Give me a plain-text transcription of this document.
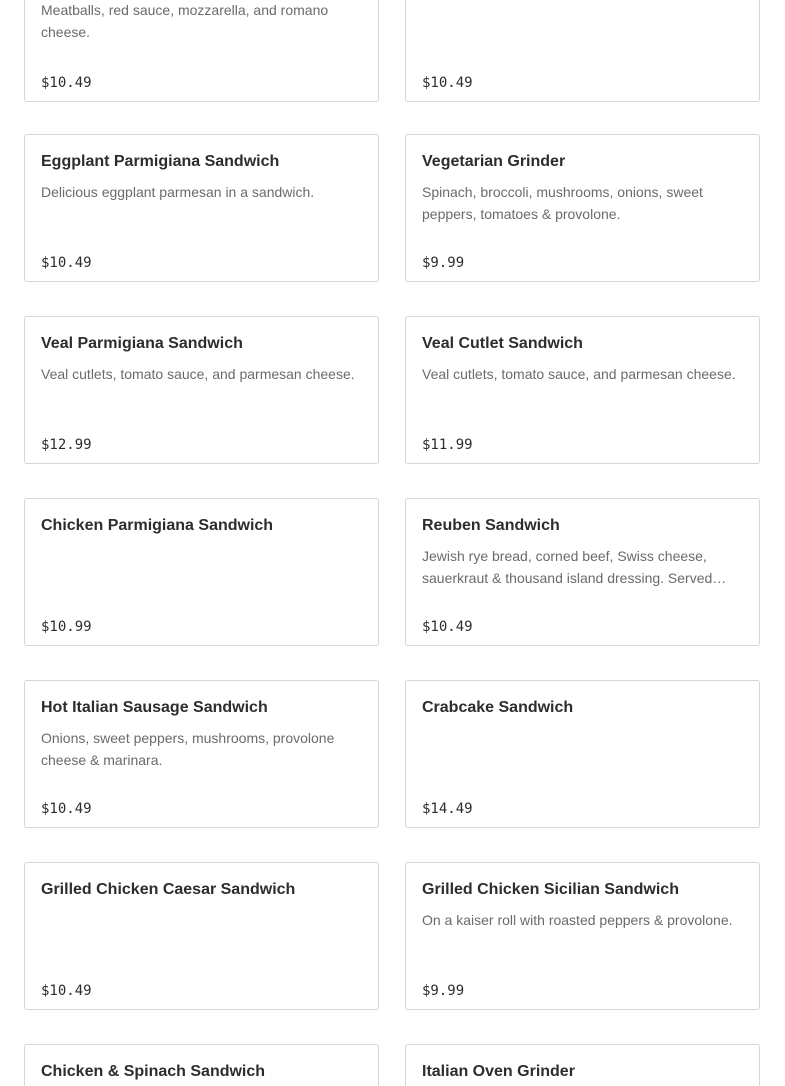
Meatballs, red sauce, mozzarella, and romano cheese.
$10.49	$10.49
Eggplant Parmigiana Sandwich
Delicious eggplant parmesan in a sandwich.
$10.49
Vegetarian Grinder
Spinach, broccoli, mushrooms, onions, sweet peppers, tomatoes & provolone.
$9.99
Veal Parmigiana Sandwich
Veal cutlets, tomato sauce, and parmesan cheese.
$12.99
Veal Cutlet Sandwich
Veal cutlets, tomato sauce, and parmesan cheese.
$11.99
Chicken Parmigiana Sandwich
$10.99
Reuben Sandwich
Jewish rye bread, corned beef, Swiss cheese, sauerkraut & thousand island dressing. Served…
$10.49
Hot Italian Sausage Sandwich
Onions, sweet peppers, mushrooms, provolone cheese & marinara.
$10.49
Crabcake Sandwich
$14.49
Grilled Chicken Caesar Sandwich
$10.49
Grilled Chicken Sicilian Sandwich
On a kaiser roll with roasted peppers & provolone.
$9.99
Chicken & Spinach Sandwich	Italian Oven Grinder
